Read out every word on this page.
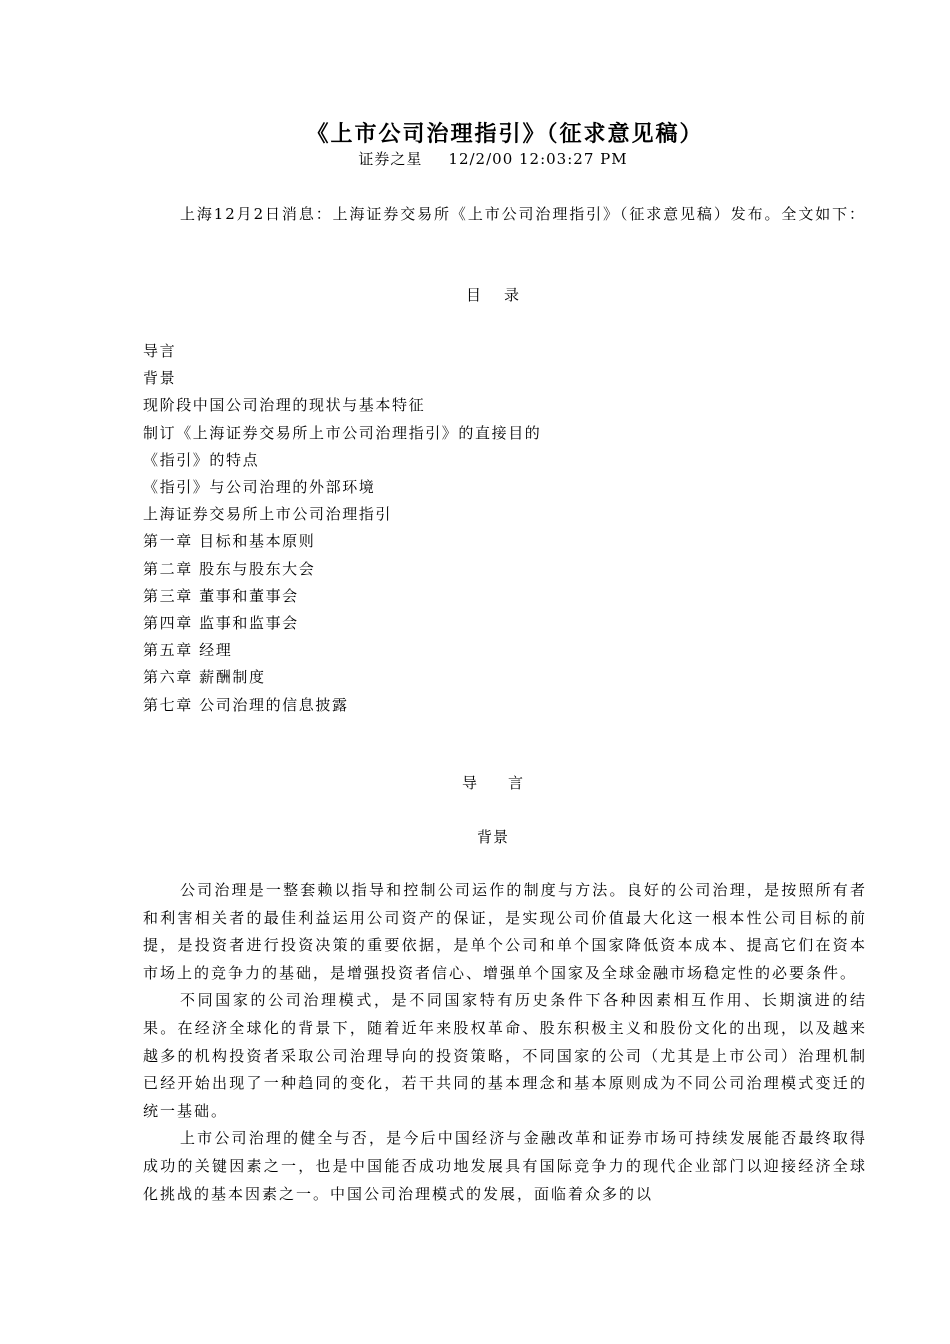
《上市公司治理指引》（征求意见稿）
证券之星 12/2/00 12:03:27 PM

上海12月2日消息：上海证券交易所《上市公司治理指引》（征求意见稿）发布。全文如下：

目 录
导言
背景
现阶段中国公司治理的现状与基本特征
制订《上海证券交易所上市公司治理指引》的直接目的
《指引》的特点
《指引》与公司治理的外部环境
上海证券交易所上市公司治理指引
第一章 目标和基本原则
第二章 股东与股东大会
第三章 董事和董事会
第四章 监事和监事会
第五章 经理
第六章 薪酬制度
第七章 公司治理的信息披露
导 言
背景

公司治理是一整套赖以指导和控制公司运作的制度与方法。良好的公司治理，是按照所有者和利害相关者的最佳利益运用公司资产的保证，是实现公司价值最大化这一根本性公司目标的前提，是投资者进行投资决策的重要依据，是单个公司和单个国家降低资本成本、提高它们在资本市场上的竞争力的基础，是增强投资者信心、增强单个国家及全球金融市场稳定性的必要条件。

不同国家的公司治理模式，是不同国家特有历史条件下各种因素相互作用、长期演进的结果。在经济全球化的背景下，随着近年来股权革命、股东积极主义和股份文化的出现，以及越来越多的机构投资者采取公司治理导向的投资策略，不同国家的公司（尤其是上市公司）治理机制已经开始出现了一种趋同的变化，若干共同的基本理念和基本原则成为不同公司治理模式变迁的统一基础。

上市公司治理的健全与否，是今后中国经济与金融改革和证券市场可持续发展能否最终取得成功的关键因素之一，也是中国能否成功地发展具有国际竞争力的现代企业部门以迎接经济全球化挑战的基本因素之一。中国公司治理模式的发展，面临着众多的以
